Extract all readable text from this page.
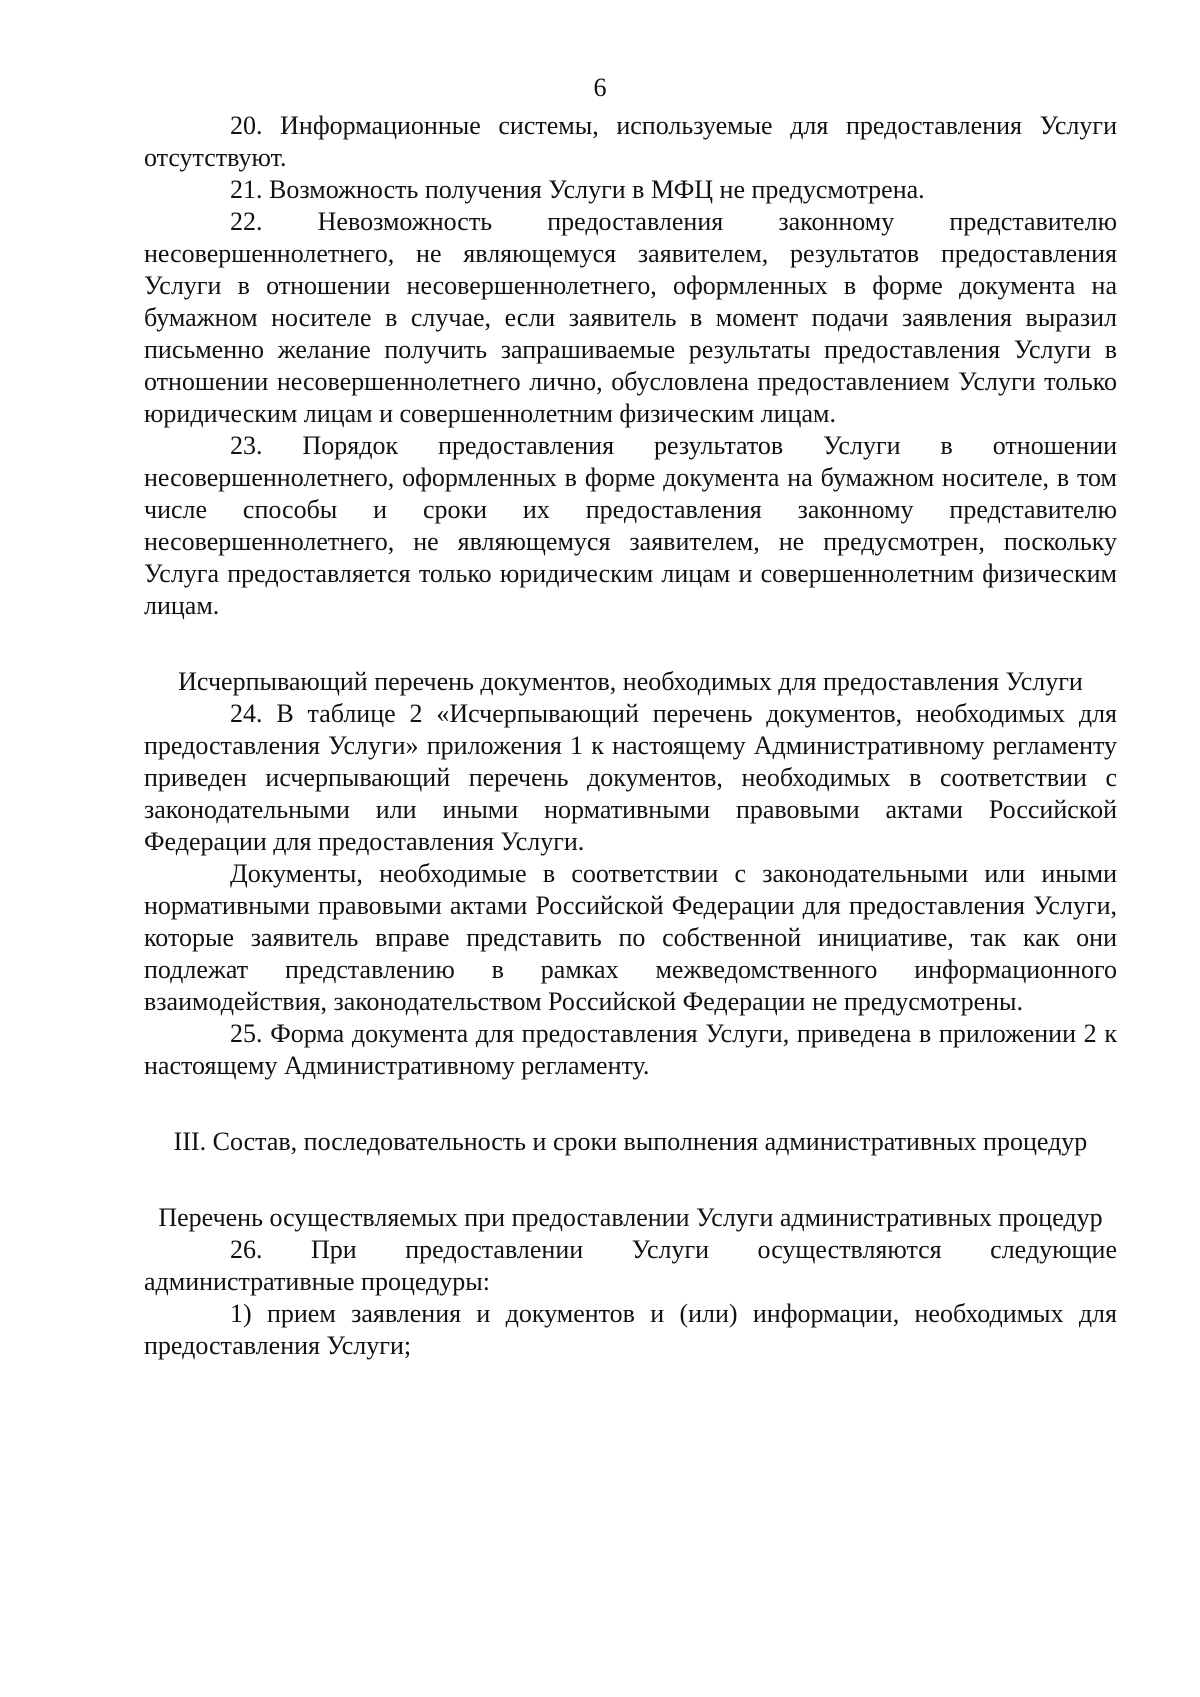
6

20. Информационные системы, используемые для предоставления Услуги отсутствуют.

21. Возможность получения Услуги в МФЦ не предусмотрена.

22. Невозможность предоставления законному представителю несовершеннолетнего, не являющемуся заявителем, результатов предоставления Услуги в отношении несовершеннолетнего, оформленных в форме документа на бумажном носителе в случае, если заявитель в момент подачи заявления выразил письменно желание получить запрашиваемые результаты предоставления Услуги в отношении несовершеннолетнего лично, обусловлена предоставлением Услуги только юридическим лицам и совершеннолетним физическим лицам.

23. Порядок предоставления результатов Услуги в отношении несовершеннолетнего, оформленных в форме документа на бумажном носителе, в том числе способы и сроки их предоставления законному представителю несовершеннолетнего, не являющемуся заявителем, не предусмотрен, поскольку Услуга предоставляется только юридическим лицам и совершеннолетним физическим лицам.

Исчерпывающий перечень документов, необходимых для предоставления Услуги

24. В таблице 2 «Исчерпывающий перечень документов, необходимых для предоставления Услуги» приложения 1 к настоящему Административному регламенту приведен исчерпывающий перечень документов, необходимых в соответствии с законодательными или иными нормативными правовыми актами Российской Федерации для предоставления Услуги.

Документы, необходимые в соответствии с законодательными или иными нормативными правовыми актами Российской Федерации для предоставления Услуги, которые заявитель вправе представить по собственной инициативе, так как они подлежат представлению в рамках межведомственного информационного взаимодействия, законодательством Российской Федерации не предусмотрены.

25. Форма документа для предоставления Услуги, приведена в приложении 2 к настоящему Административному регламенту.

III. Состав, последовательность и сроки выполнения административных процедур

Перечень осуществляемых при предоставлении Услуги административных процедур

26. При предоставлении Услуги осуществляются следующие административные процедуры:

1) прием заявления и документов и (или) информации, необходимых для предоставления Услуги;
